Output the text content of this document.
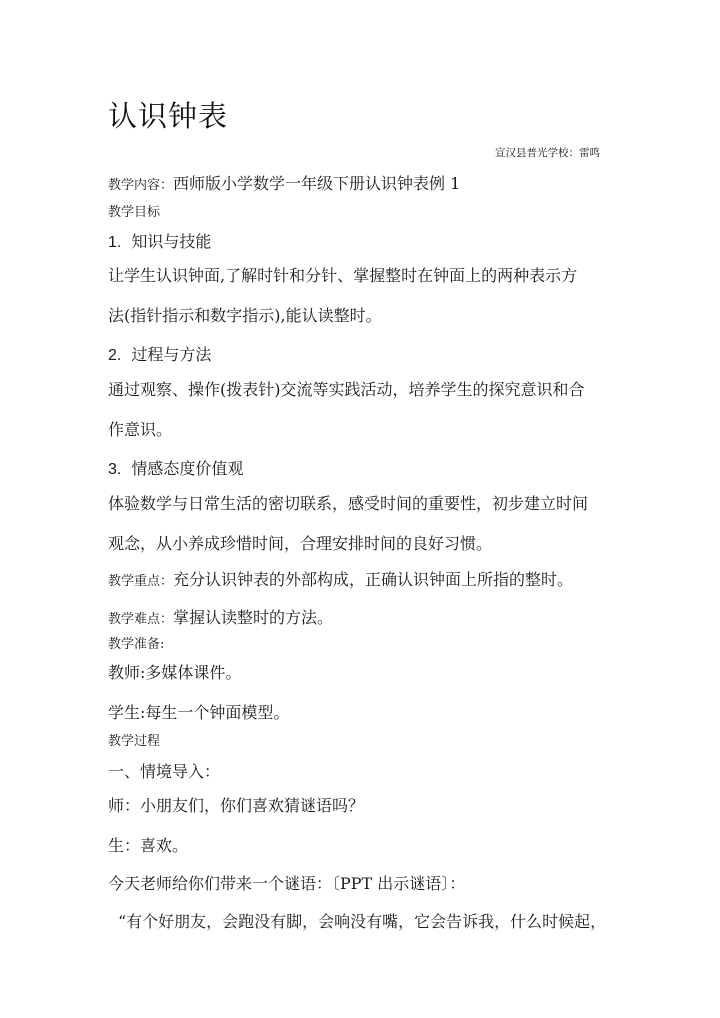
认识钟表
宣汉县普光学校：雷鸣
教学内容：西师版小学数学一年级下册认识钟表例 1
教学目标
1. 知识与技能
让学生认识钟面,了解时针和分针、掌握整时在钟面上的两种表示方
法(指针指示和数字指示),能认读整时。
2. 过程与方法
通过观察、操作(拨表针)交流等实践活动，培养学生的探究意识和合
作意识。
3. 情感态度价值观
体验数学与日常生活的密切联系，感受时间的重要性，初步建立时间
观念，从小养成珍惜时间，合理安排时间的良好习惯。
教学重点：充分认识钟表的外部构成，正确认识钟面上所指的整时。
教学难点：掌握认读整时的方法。
教学准备:
教师:多媒体课件。
学生:每生一个钟面模型。
教学过程
一、情境导入：
师：小朋友们，你们喜欢猜谜语吗？
生：喜欢。
今天老师给你们带来一个谜语：〔PPT 出示谜语〕：
“有个好朋友，会跑没有脚，会响没有嘴，它会告诉我，什么时候起，
